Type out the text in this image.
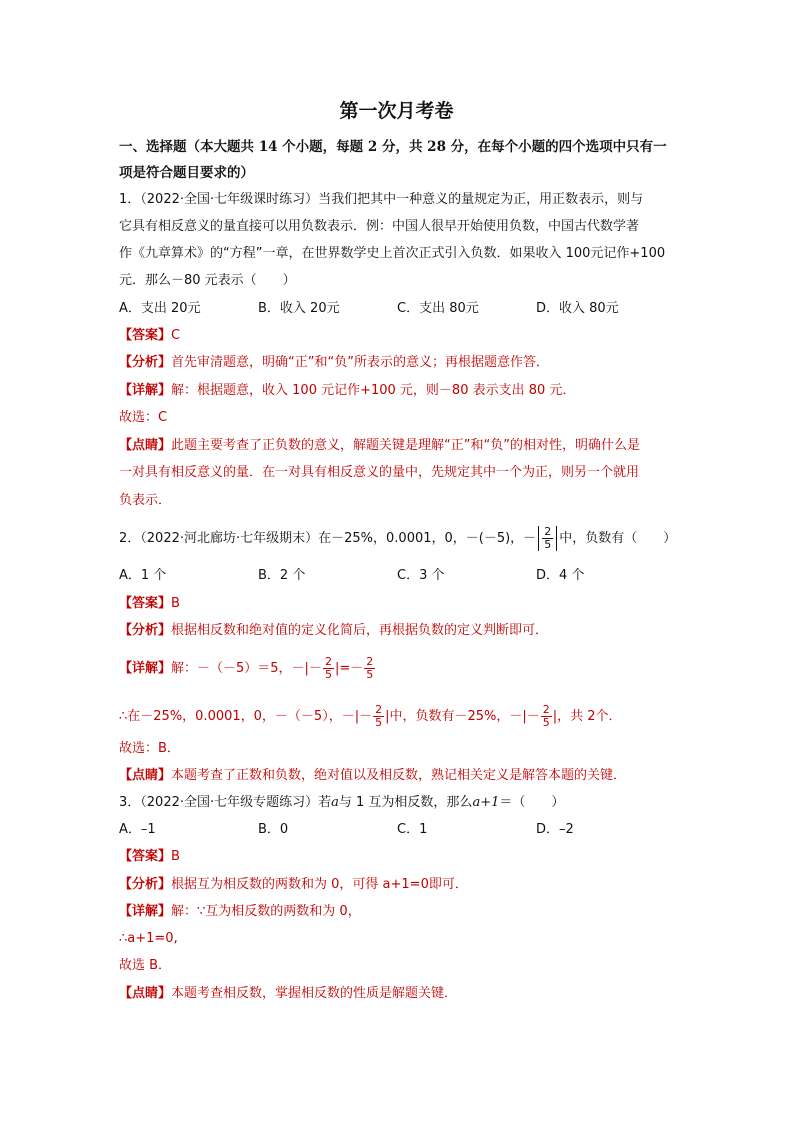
第一次月考卷
一、选择题（本大题共 14 个小题，每题 2 分，共 28 分，在每个小题的四个选项中只有一
项是符合题目要求的）
1．（2022·全国·七年级课时练习）当我们把其中一种意义的量规定为正，用正数表示，则与
它具有相反意义的量直接可以用负数表示．例：中国人很早开始使用负数，中国古代数学著
作《九章算术》的“方程”一章，在世界数学史上首次正式引入负数．如果收入 100元记作+100
元．那么－80 元表示（　　）
A．支出 20元	B．收入 20元	C．支出 80元	D．收入 80元
【答案】C
【分析】首先审清题意，明确“正”和“负”所表示的意义；再根据题意作答．
【详解】解：根据题意，收入 100 元记作+100 元，则－80 表示支出 80 元．
故选：C
【点睛】此题主要考查了正负数的意义，解题关键是理解“正”和“负”的相对性，明确什么是
一对具有相反意义的量．在一对具有相反意义的量中，先规定其中一个为正，则另一个就用
负表示．
2．（2022·河北廊坊·七年级期末）在－25%，0.0001，0，－(－5)，－ $\frac{2}{5}$ 中，负数有（　　）
A．1 个	B．2 个	C．3 个	D．4 个
【答案】B
【分析】根据相反数和绝对值的定义化简后，再根据负数的定义判断即可．
【详解】解：－（－5）＝5，－|－ $\frac{2}{5}$ |=－ $\frac{2}{5}$
∴在－25%，0.0001，0，－（－5），－|－ $\frac{2}{5}$ |中，负数有－25%，－|－ $\frac{2}{5}$ |，共 2个．
故选：B．
【点睛】本题考查了正数和负数，绝对值以及相反数，熟记相关定义是解答本题的关键．
3．（2022·全国·七年级专题练习）若a与 1 互为相反数，那么a+1＝（　　）
A．–1	B．0	C．1	D．–2
【答案】B
【分析】根据互为相反数的两数和为 0，可得 a+1=0即可．
【详解】解：∵互为相反数的两数和为 0，
∴a+1=0,
故选 B．
【点睛】本题考查相反数，掌握相反数的性质是解题关键．
